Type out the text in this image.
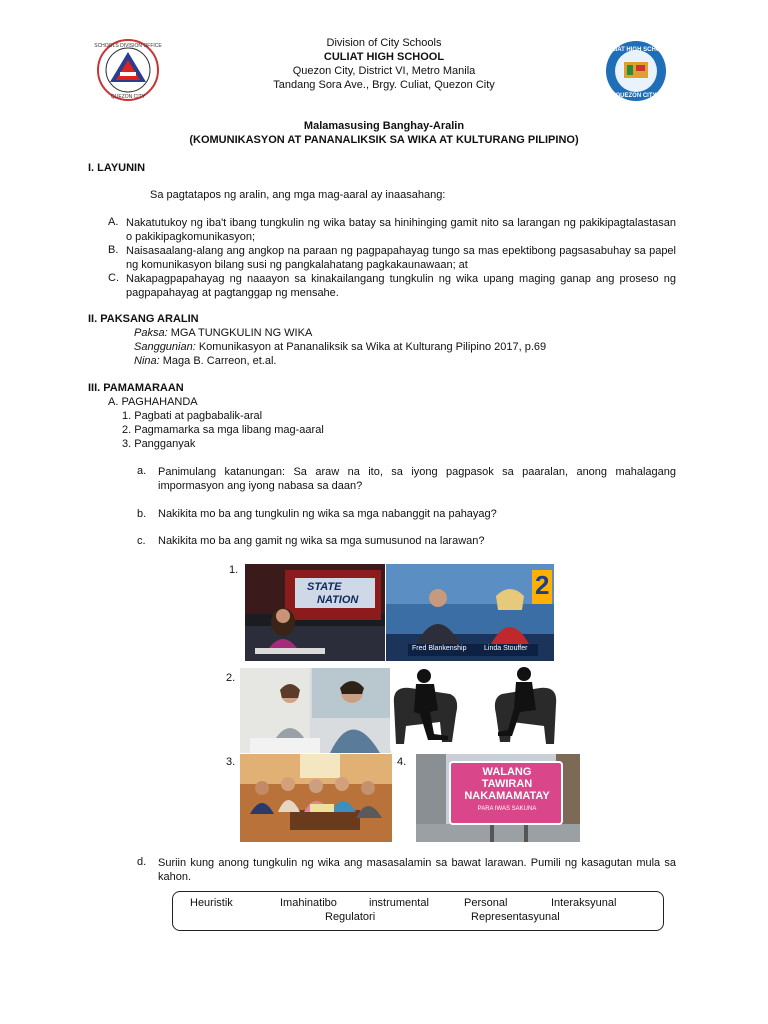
SCHOOLS DIVISION OFFICE
QUEZON CITY
CULIAT HIGH SCHOOL
QUEZON CITY
Division of City Schools
CULIAT HIGH SCHOOL
Quezon City, District VI, Metro Manila
Tandang Sora Ave., Brgy. Culiat, Quezon City
Malamasusing Banghay-Aralin
(KOMUNIKASYON AT PANANALIKSIK SA WIKA AT KULTURANG PILIPINO)
I. LAYUNIN
Sa pagtatapos ng aralin, ang mga mag-aaral ay inaasahang:
A. Nakatutukoy ng iba't ibang tungkulin ng wika batay sa hinihinging gamit nito sa larangan ng pakikipagtalastasan o pakikipagkomunikasyon;
B. Naisasaalang-alang ang angkop na paraan ng pagpapahayag tungo sa mas epektibong pagsasabuhay sa papel ng komunikasyon bilang susi ng pangkalahatang pagkakaunawaan; at
C. Nakapagpapahayag ng naaayon sa kinakailangang tungkulin ng wika upang maging ganap ang proseso ng pagpapahayag at pagtanggap ng mensahe.
II. PAKSANG ARALIN
Paksa: MGA TUNGKULIN NG WIKA
Sanggunian: Komunikasyon at Pananaliksik sa Wika at Kulturang Pilipino 2017, p.69
Nina: Maga B. Carreon, et.al.
III. PAMAMARAAN
A. PAGHAHANDA
1. Pagbati at pagbabalik-aral
2. Pagmamarka sa mga libang mag-aaral
3. Pangganyak
a. Panimulang katanungan: Sa araw na ito, sa iyong pagpasok sa paaralan, anong mahalagang impormasyon ang iyong nabasa sa daan?
b. Nakikita mo ba ang tungkulin ng wika sa mga nabanggit na pahayag?
c. Nakikita mo ba ang gamit ng wika sa mga sumusunod na larawan?
1.
STATE
NATION	2
Fred Blankenship	Linda Stouffer
2.
3.	4.
WALANG
TAWIRAN
NAKAMAMATAY
PARA IWAS SAKUNA
d. Suriin kung anong tungkulin ng wika ang masasalamin sa bawat larawan. Pumili ng kasagutan mula sa kahon.
Heuristik	Imahinatibo	instrumental	Personal	Interaksyunal
Regulatori	Representasyunal
